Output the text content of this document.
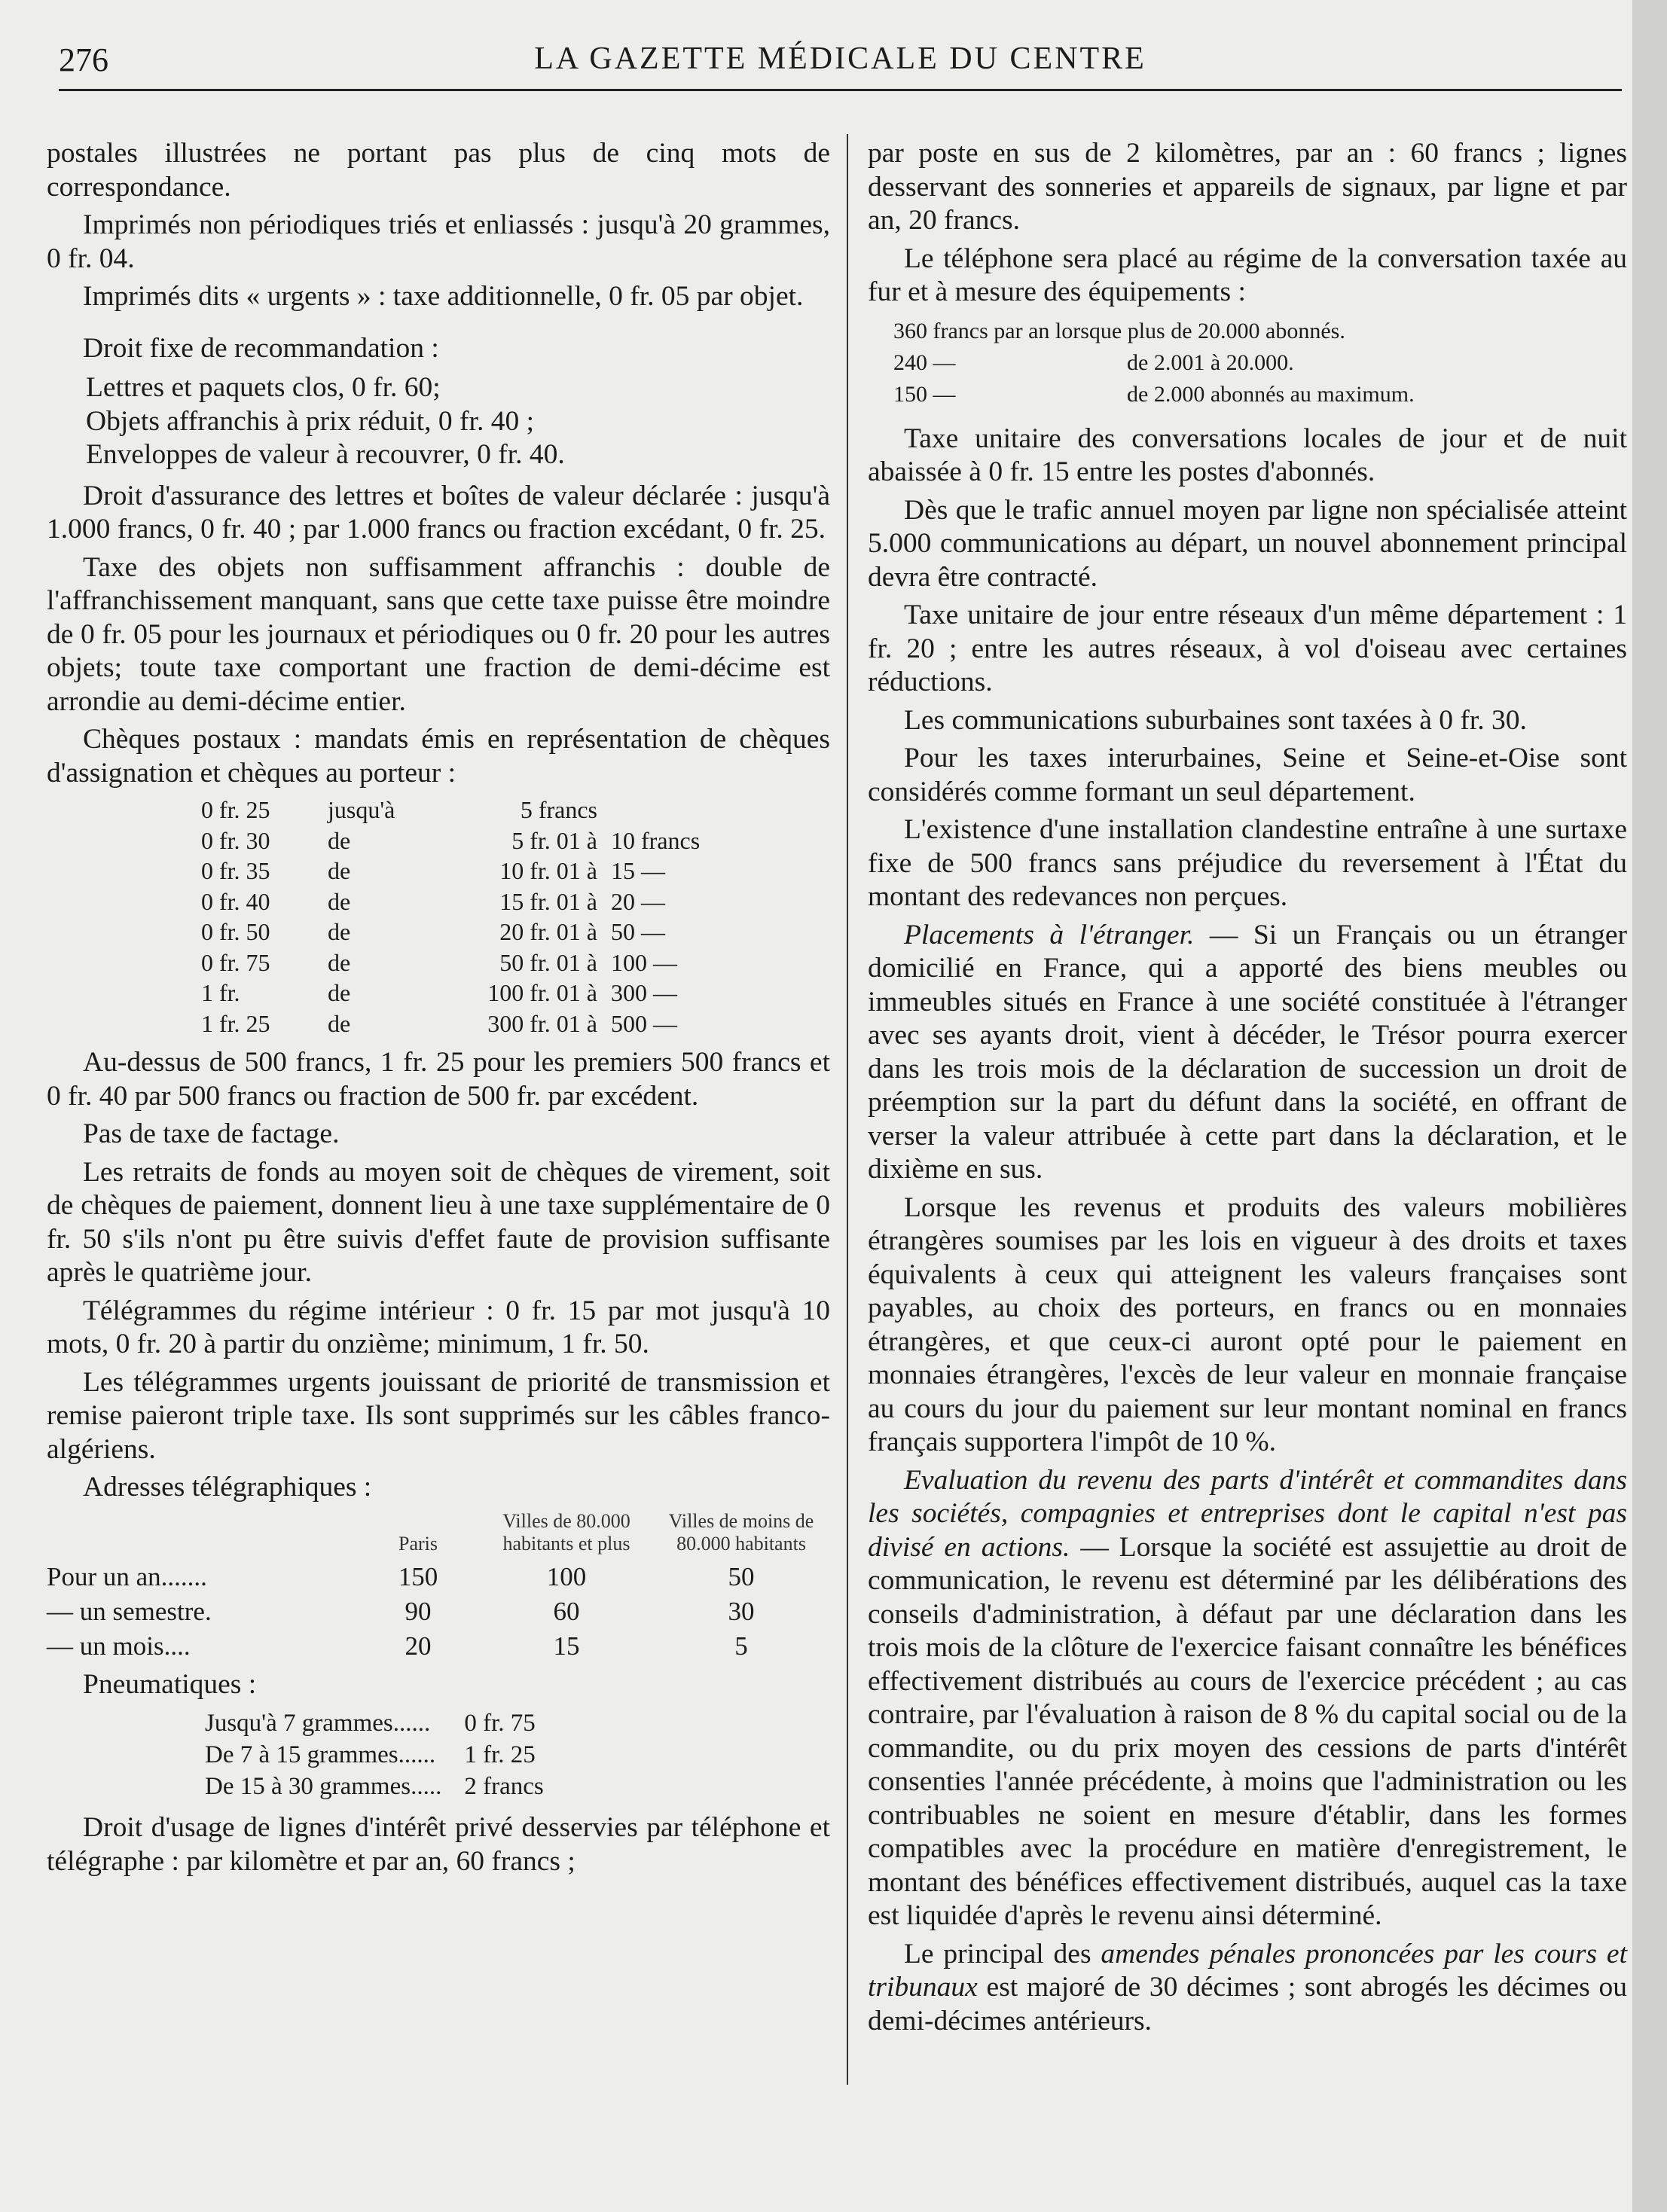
276	LA GAZETTE MÉDICALE DU CENTRE

postales illustrées ne portant pas plus de cinq mots de correspondance.

Imprimés non périodiques triés et enliassés : jusqu'à 20 grammes, 0 fr. 04.

Imprimés dits « urgents » : taxe additionnelle, 0 fr. 05 par objet.

Droit fixe de recommandation :

Lettres et paquets clos, 0 fr. 60;
Objets affranchis à prix réduit, 0 fr. 40 ;
Enveloppes de valeur à recouvrer, 0 fr. 40.

Droit d'assurance des lettres et boîtes de valeur déclarée : jusqu'à 1.000 francs, 0 fr. 40 ; par 1.000 francs ou fraction excédant, 0 fr. 25.

Taxe des objets non suffisamment affranchis : double de l'affranchissement manquant, sans que cette taxe puisse être moindre de 0 fr. 05 pour les journaux et périodiques ou 0 fr. 20 pour les autres objets; toute taxe comportant une fraction de demi-décime est arrondie au demi-décime entier.

Chèques postaux : mandats émis en représentation de chèques d'assignation et chèques au porteur :

0 fr. 25	jusqu'à	5 francs	
0 fr. 30	de	5 fr. 01 à	10 francs
0 fr. 35	de	10 fr. 01 à	15 —
0 fr. 40	de	15 fr. 01 à	20 —
0 fr. 50	de	20 fr. 01 à	50 —
0 fr. 75	de	50 fr. 01 à	100 —
1 fr.	de	100 fr. 01 à	300 —
1 fr. 25	de	300 fr. 01 à	500 —

Au-dessus de 500 francs, 1 fr. 25 pour les premiers 500 francs et 0 fr. 40 par 500 francs ou fraction de 500 fr. par excédent.

Pas de taxe de factage.

Les retraits de fonds au moyen soit de chèques de virement, soit de chèques de paiement, donnent lieu à une taxe supplémentaire de 0 fr. 50 s'ils n'ont pu être suivis d'effet faute de provision suffisante après le quatrième jour.

Télégrammes du régime intérieur : 0 fr. 15 par mot jusqu'à 10 mots, 0 fr. 20 à partir du onzième; minimum, 1 fr. 50.

Les télégrammes urgents jouissant de priorité de transmission et remise paieront triple taxe. Ils sont supprimés sur les câbles franco-algériens.

Adresses télégraphiques :

	Paris	Villes de 80.000 habitants et plus	Villes de moins de 80.000 habitants
Pour un an.......	150	100	50
— un semestre.	90	60	30
— un mois....	20	15	5

Pneumatiques :

Jusqu'à 7 grammes......	0 fr. 75
De 7 à 15 grammes......	1 fr. 25
De 15 à 30 grammes.....	2 francs

Droit d'usage de lignes d'intérêt privé desservies par téléphone et télégraphe : par kilomètre et par an, 60 francs ;

par poste en sus de 2 kilomètres, par an : 60 francs ; lignes desservant des sonneries et appareils de signaux, par ligne et par an, 20 francs.

Le téléphone sera placé au régime de la conversation taxée au fur et à mesure des équipements :

360 francs par an lorsque plus de 20.000 abonnés.	
240 —	de 2.001 à 20.000.
150 —	de 2.000 abonnés au maximum.

Taxe unitaire des conversations locales de jour et de nuit abaissée à 0 fr. 15 entre les postes d'abonnés.

Dès que le trafic annuel moyen par ligne non spécialisée atteint 5.000 communications au départ, un nouvel abonnement principal devra être contracté.

Taxe unitaire de jour entre réseaux d'un même département : 1 fr. 20 ; entre les autres réseaux, à vol d'oiseau avec certaines réductions.

Les communications suburbaines sont taxées à 0 fr. 30.

Pour les taxes interurbaines, Seine et Seine-et-Oise sont considérés comme formant un seul département.

L'existence d'une installation clandestine entraîne à une surtaxe fixe de 500 francs sans préjudice du reversement à l'État du montant des redevances non perçues.

Placements à l'étranger. — Si un Français ou un étranger domicilié en France, qui a apporté des biens meubles ou immeubles situés en France à une société constituée à l'étranger avec ses ayants droit, vient à décéder, le Trésor pourra exercer dans les trois mois de la déclaration de succession un droit de préemption sur la part du défunt dans la société, en offrant de verser la valeur attribuée à cette part dans la déclaration, et le dixième en sus.

Lorsque les revenus et produits des valeurs mobilières étrangères soumises par les lois en vigueur à des droits et taxes équivalents à ceux qui atteignent les valeurs françaises sont payables, au choix des porteurs, en francs ou en monnaies étrangères, et que ceux-ci auront opté pour le paiement en monnaies étrangères, l'excès de leur valeur en monnaie française au cours du jour du paiement sur leur montant nominal en francs français supportera l'impôt de 10 %.

Evaluation du revenu des parts d'intérêt et commandites dans les sociétés, compagnies et entreprises dont le capital n'est pas divisé en actions. — Lorsque la société est assujettie au droit de communication, le revenu est déterminé par les délibérations des conseils d'administration, à défaut par une déclaration dans les trois mois de la clôture de l'exercice faisant connaître les bénéfices effectivement distribués au cours de l'exercice précédent ; au cas contraire, par l'évaluation à raison de 8 % du capital social ou de la commandite, ou du prix moyen des cessions de parts d'intérêt consenties l'année précédente, à moins que l'administration ou les contribuables ne soient en mesure d'établir, dans les formes compatibles avec la procédure en matière d'enregistrement, le montant des bénéfices effectivement distribués, auquel cas la taxe est liquidée d'après le revenu ainsi déterminé.

Le principal des amendes pénales prononcées par les cours et tribunaux est majoré de 30 décimes ; sont abrogés les décimes ou demi-décimes antérieurs.
